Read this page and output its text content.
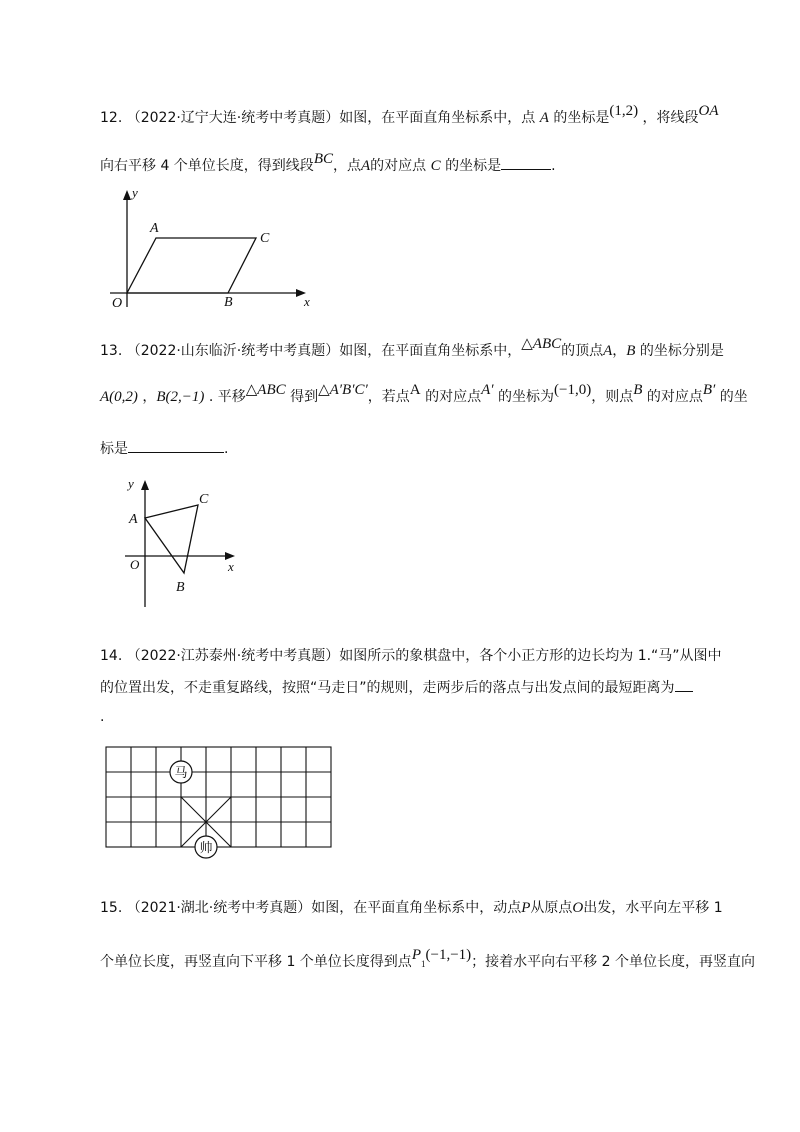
12. （2022·辽宁大连·统考中考真题）如图，在平面直角坐标系中，点 A 的坐标是(1,2) ，将线段OA
向右平移 4 个单位长度，得到线段BC，点A的对应点 C 的坐标是	.
y
x
O
A
C
B
13. （2022·山东临沂·统考中考真题）如图，在平面直角坐标系中，△ABC的顶点A，B 的坐标分别是
A(0,2) ，B(2,−1) . 平移△ABC 得到△A′B′C′，若点A 的对应点A′ 的坐标为(−1,0)，则点B 的对应点B′ 的坐
标是	.
y
x
O
A
C
B
14. （2022·江苏泰州·统考中考真题）如图所示的象棋盘中，各个小正方形的边长均为 1.“马”从图中
的位置出发，不走重复路线，按照“马走日”的规则，走两步后的落点与出发点间的最短距离为
.
马
帅
15. （2021·湖北·统考中考真题）如图，在平面直角坐标系中，动点P从原点O出发，水平向左平移 1
个单位长度，再竖直向下平移 1 个单位长度得到点$P_1(-1,-1)$；接着水平向右平移 2 个单位长度，再竖直向
